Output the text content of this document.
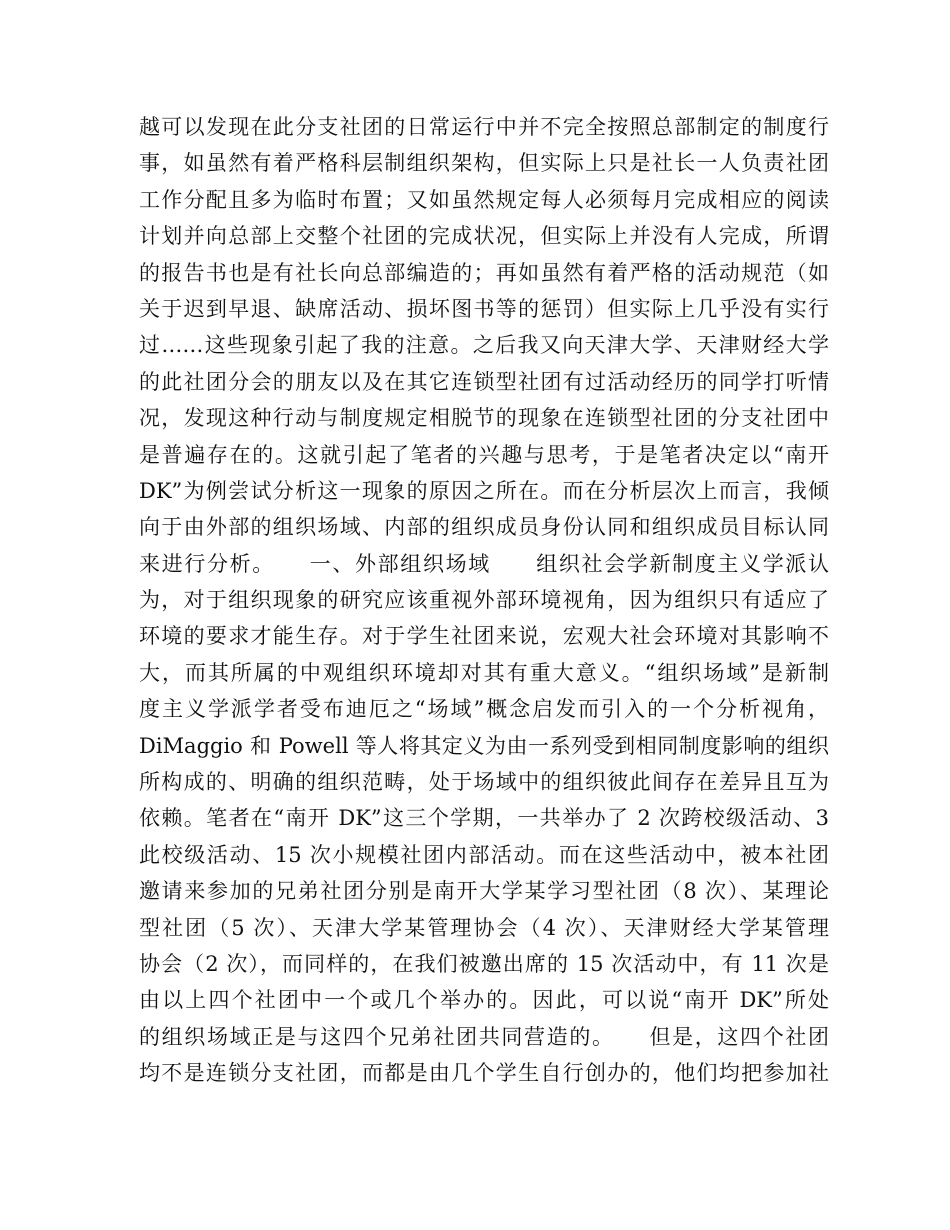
越可以发现在此分支社团的日常运行中并不完全按照总部制定的制度行
事，如虽然有着严格科层制组织架构，但实际上只是社长一人负责社团
工作分配且多为临时布置；又如虽然规定每人必须每月完成相应的阅读
计划并向总部上交整个社团的完成状况，但实际上并没有人完成，所谓
的报告书也是有社长向总部编造的；再如虽然有着严格的活动规范（如
关于迟到早退、缺席活动、损坏图书等的惩罚）但实际上几乎没有实行
过……这些现象引起了我的注意。之后我又向天津大学、天津财经大学
的此社团分会的朋友以及在其它连锁型社团有过活动经历的同学打听情
况，发现这种行动与制度规定相脱节的现象在连锁型社团的分支社团中
是普遍存在的。这就引起了笔者的兴趣与思考，于是笔者决定以“南开
DK”为例尝试分析这一现象的原因之所在。而在分析层次上而言，我倾
向于由外部的组织场域、内部的组织成员身份认同和组织成员目标认同
来进行分析。　　一、外部组织场域　　组织社会学新制度主义学派认
为，对于组织现象的研究应该重视外部环境视角，因为组织只有适应了
环境的要求才能生存。对于学生社团来说，宏观大社会环境对其影响不
大，而其所属的中观组织环境却对其有重大意义。“组织场域”是新制
度主义学派学者受布迪厄之“场域”概念启发而引入的一个分析视角，
DiMaggio 和 Powell 等人将其定义为由一系列受到相同制度影响的组织
所构成的、明确的组织范畴，处于场域中的组织彼此间存在差异且互为
依赖。笔者在“南开 DK”这三个学期，一共举办了 2 次跨校级活动、3
此校级活动、15 次小规模社团内部活动。而在这些活动中，被本社团
邀请来参加的兄弟社团分别是南开大学某学习型社团（8 次）、某理论
型社团（5 次）、天津大学某管理协会（4 次）、天津财经大学某管理
协会（2 次），而同样的，在我们被邀出席的 15 次活动中，有 11 次是
由以上四个社团中一个或几个举办的。因此，可以说“南开 DK”所处
的组织场域正是与这四个兄弟社团共同营造的。　　但是，这四个社团
均不是连锁分支社团，而都是由几个学生自行创办的，他们均把参加社
